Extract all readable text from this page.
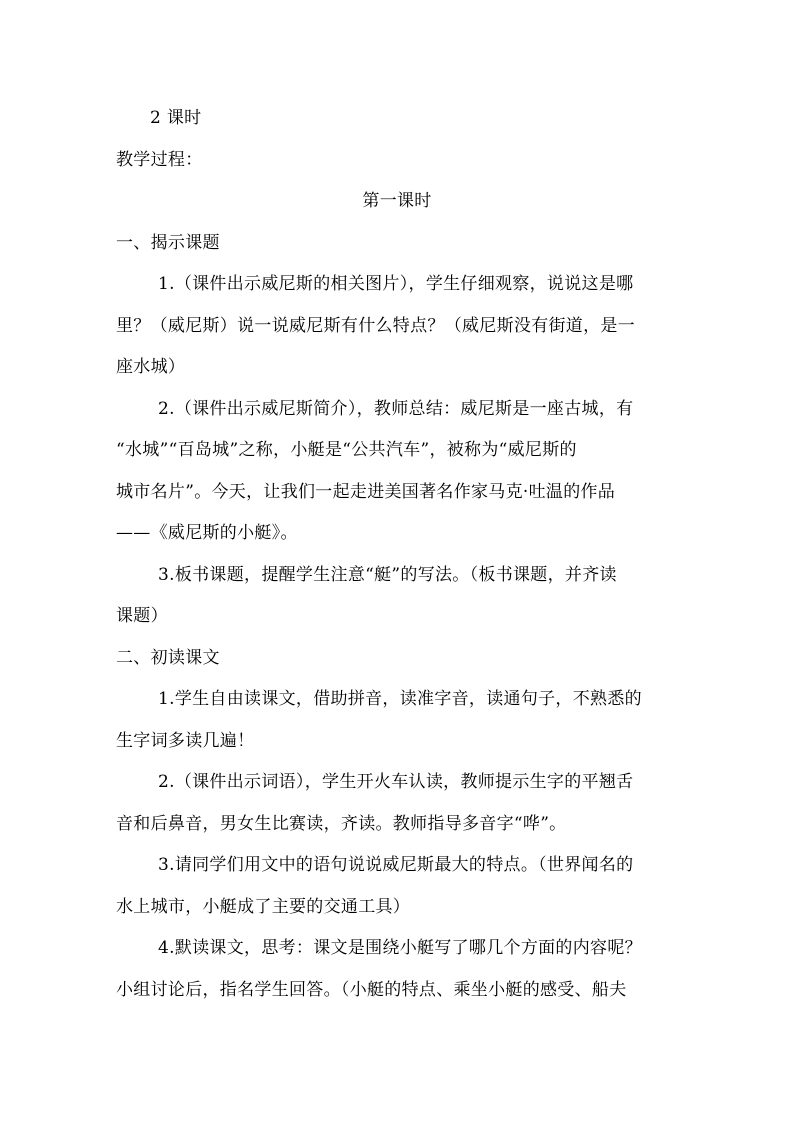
2 课时
教学过程：
第一课时
一、揭示课题
1.（课件出示威尼斯的相关图片），学生仔细观察，说说这是哪
里？（威尼斯）说一说威尼斯有什么特点？（威尼斯没有街道，是一
座水城）
2.（课件出示威尼斯简介），教师总结：威尼斯是一座古城，有
“水城”“百岛城”之称，小艇是“公共汽车”，被称为“威尼斯的
城市名片”。今天，让我们一起走进美国著名作家马克·吐温的作品
——《威尼斯的小艇》。
3.板书课题，提醒学生注意“艇”的写法。（板书课题，并齐读
课题）
二、初读课文
1.学生自由读课文，借助拼音，读准字音，读通句子，不熟悉的
生字词多读几遍！
2.（课件出示词语），学生开火车认读，教师提示生字的平翘舌
音和后鼻音，男女生比赛读，齐读。教师指导多音字“哗”。
3.请同学们用文中的语句说说威尼斯最大的特点。（世界闻名的
水上城市，小艇成了主要的交通工具）
4.默读课文，思考：课文是围绕小艇写了哪几个方面的内容呢？
小组讨论后，指名学生回答。（小艇的特点、乘坐小艇的感受、船夫
